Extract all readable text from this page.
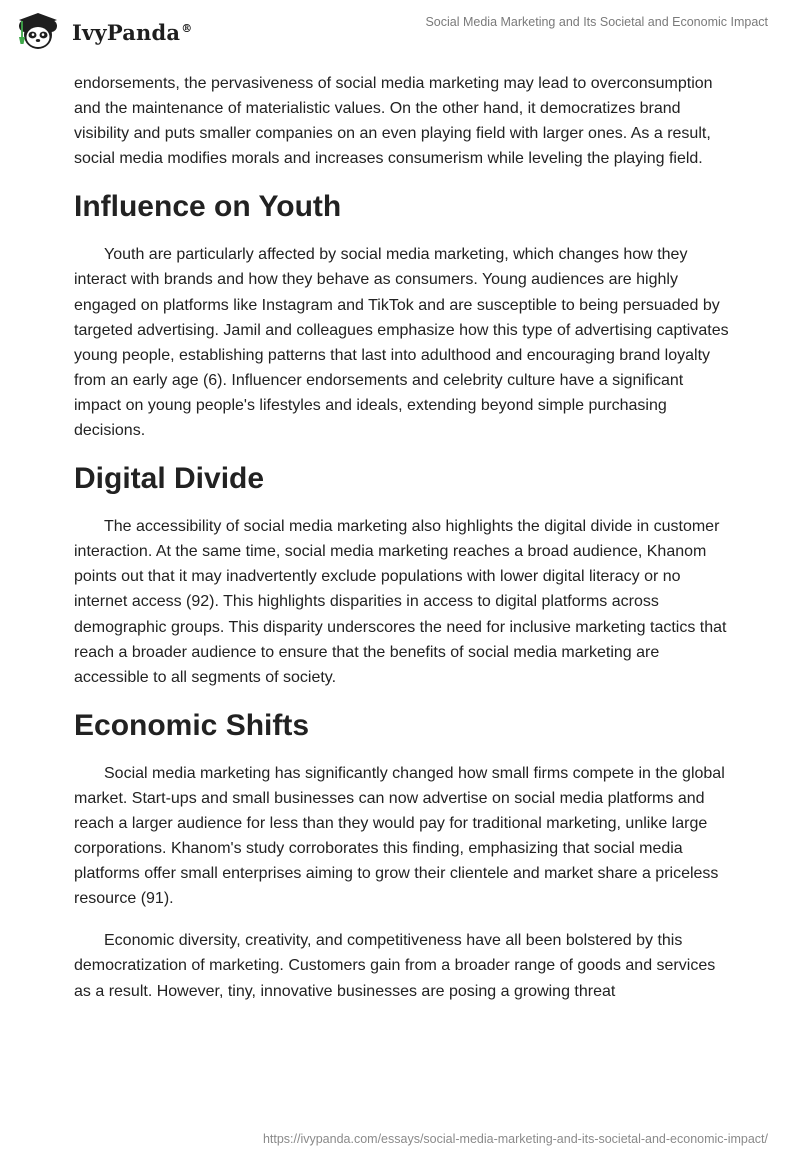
IvyPanda®	Social Media Marketing and Its Societal and Economic Impact

endorsements, the pervasiveness of social media marketing may lead to overconsumption and the maintenance of materialistic values. On the other hand, it democratizes brand visibility and puts smaller companies on an even playing field with larger ones. As a result, social media modifies morals and increases consumerism while leveling the playing field.

Influence on Youth

Youth are particularly affected by social media marketing, which changes how they interact with brands and how they behave as consumers. Young audiences are highly engaged on platforms like Instagram and TikTok and are susceptible to being persuaded by targeted advertising. Jamil and colleagues emphasize how this type of advertising captivates young people, establishing patterns that last into adulthood and encouraging brand loyalty from an early age (6). Influencer endorsements and celebrity culture have a significant impact on young people's lifestyles and ideals, extending beyond simple purchasing decisions.

Digital Divide

The accessibility of social media marketing also highlights the digital divide in customer interaction. At the same time, social media marketing reaches a broad audience, Khanom points out that it may inadvertently exclude populations with lower digital literacy or no internet access (92). This highlights disparities in access to digital platforms across demographic groups. This disparity underscores the need for inclusive marketing tactics that reach a broader audience to ensure that the benefits of social media marketing are accessible to all segments of society.

Economic Shifts

Social media marketing has significantly changed how small firms compete in the global market. Start-ups and small businesses can now advertise on social media platforms and reach a larger audience for less than they would pay for traditional marketing, unlike large corporations. Khanom's study corroborates this finding, emphasizing that social media platforms offer small enterprises aiming to grow their clientele and market share a priceless resource (91).

Economic diversity, creativity, and competitiveness have all been bolstered by this democratization of marketing. Customers gain from a broader range of goods and services as a result. However, tiny, innovative businesses are posing a growing threat

https://ivypanda.com/essays/social-media-marketing-and-its-societal-and-economic-impact/
